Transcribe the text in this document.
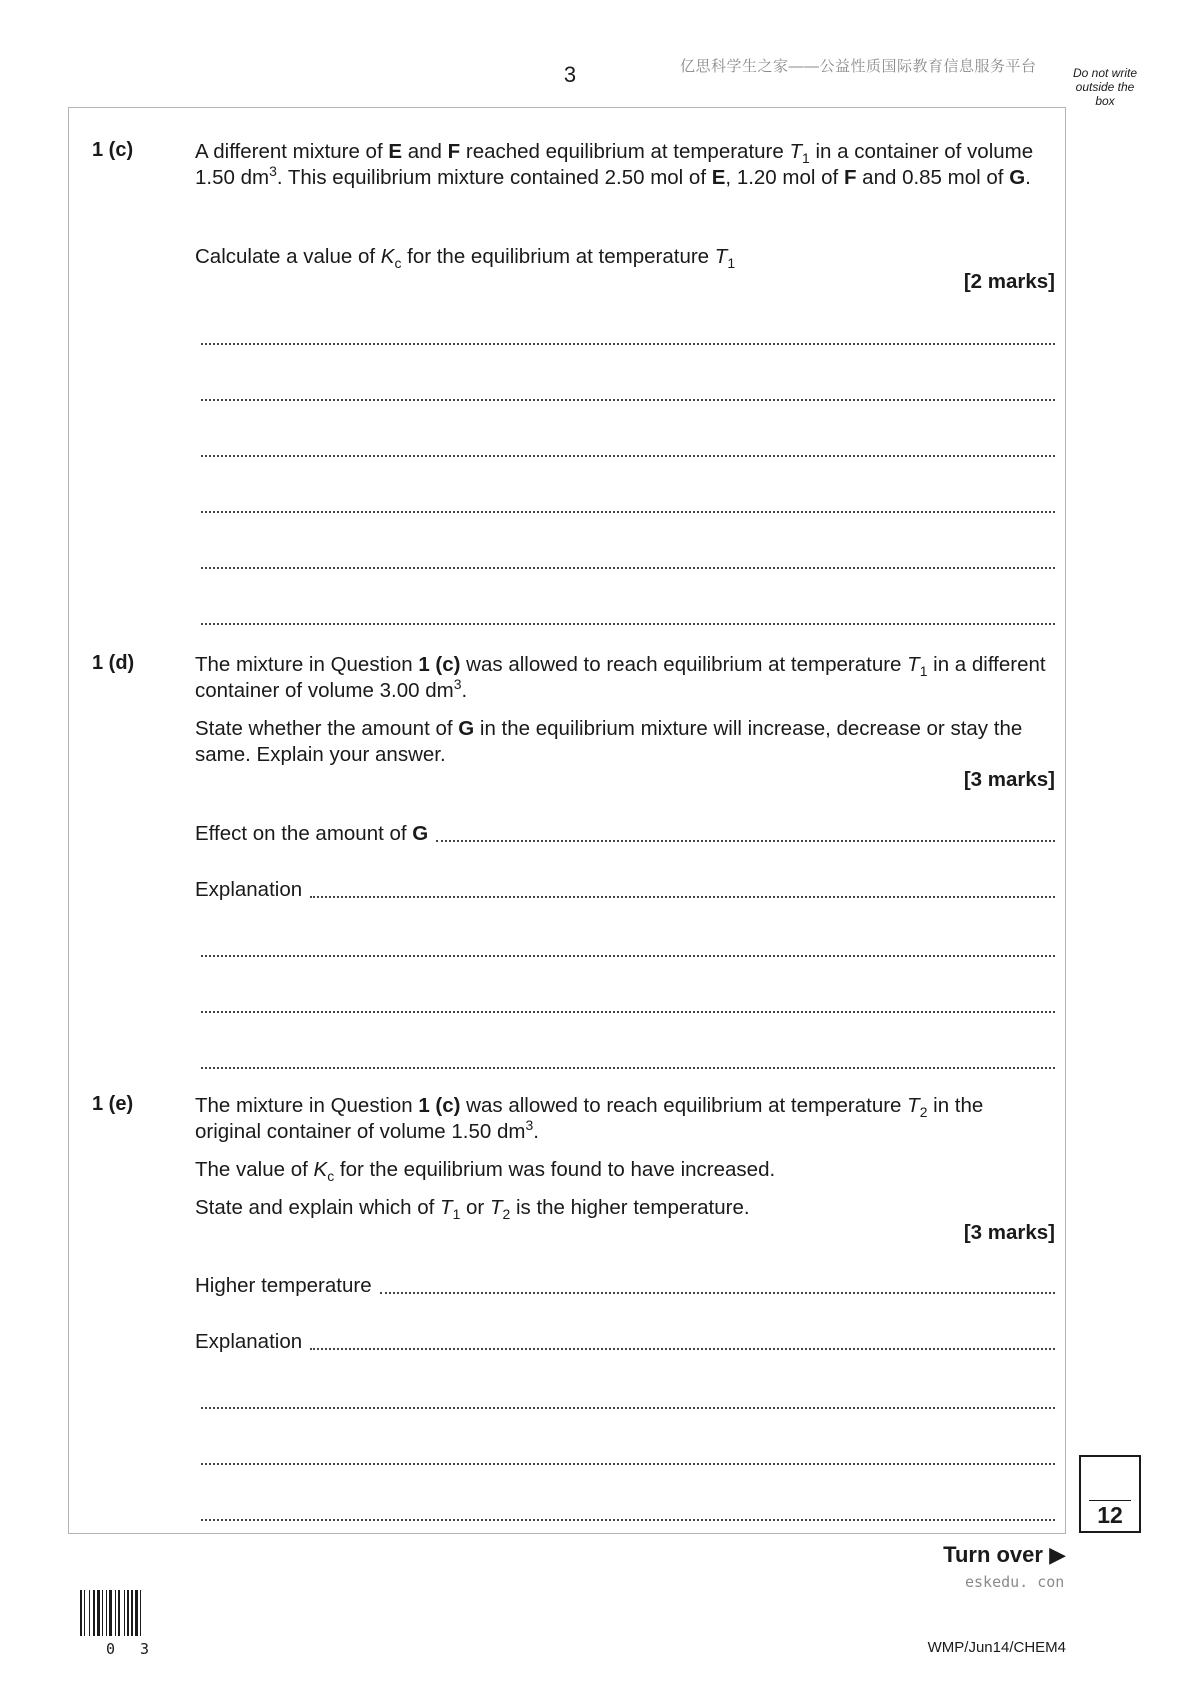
3	亿思科学生之家——公益性质国际教育信息服务平台	Do not write outside the box
1 (c)	A different mixture of E and F reached equilibrium at temperature $T_1$ in a container of volume 1.50 $dm^3$. This equilibrium mixture contained 2.50 mol of E, 1.20 mol of F and 0.85 mol of G.

Calculate a value of $K_c$ for the equilibrium at temperature $T_1$

[2 marks]
1 (d)	The mixture in Question 1 (c) was allowed to reach equilibrium at temperature $T_1$ in a different container of volume 3.00 $dm^3$.

State whether the amount of G in the equilibrium mixture will increase, decrease or stay the same. Explain your answer.

[3 marks]
Effect on the amount of G
Explanation
1 (e)	The mixture in Question 1 (c) was allowed to reach equilibrium at temperature $T_2$ in the original container of volume 1.50 $dm^3$.

The value of $K_c$ for the equilibrium was found to have increased.

State and explain which of $T_1$ or $T_2$ is the higher temperature.

[3 marks]
Higher temperature
Explanation
12
Turn over ▶
eskedu. con
0 3	WMP/Jun14/CHEM4
